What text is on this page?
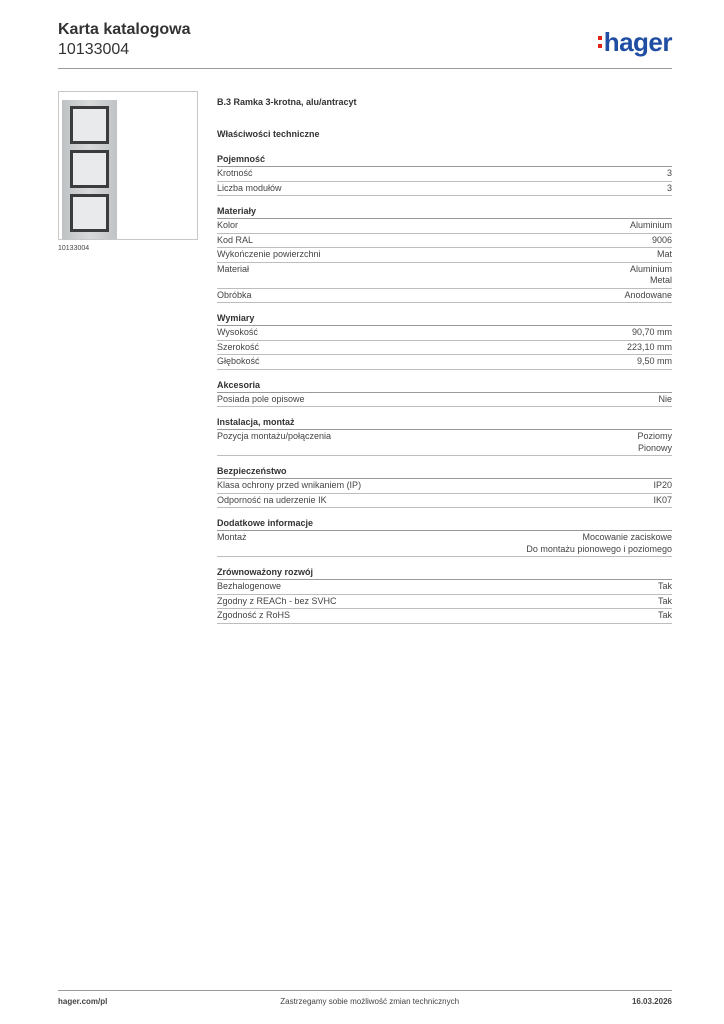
Karta katalogowa
10133004	hager
10133004
B.3 Ramka 3-krotna, alu/antracyt
Właściwości techniczne
Pojemność
Krotność	3
Liczba modułów	3
Materiały
Kolor	Aluminium
Kod RAL	9006
Wykończenie powierzchni	Mat
Materiał	Aluminium
Metal
Obróbka	Anodowane
Wymiary
Wysokość	90,70 mm
Szerokość	223,10 mm
Głębokość	9,50 mm
Akcesoria
Posiada pole opisowe	Nie
Instalacja, montaż
Pozycja montażu/połączenia	Poziomy
Pionowy
Bezpieczeństwo
Klasa ochrony przed wnikaniem (IP)	IP20
Odporność na uderzenie IK	IK07
Dodatkowe informacje
Montaż	Mocowanie zaciskowe
Do montażu pionowego i poziomego
Zrównoważony rozwój
Bezhalogenowe	Tak
Zgodny z REACh - bez SVHC	Tak
Zgodność z RoHS	Tak
hager.com/pl	Zastrzegamy sobie możliwość zmian technicznych	16.03.2026
